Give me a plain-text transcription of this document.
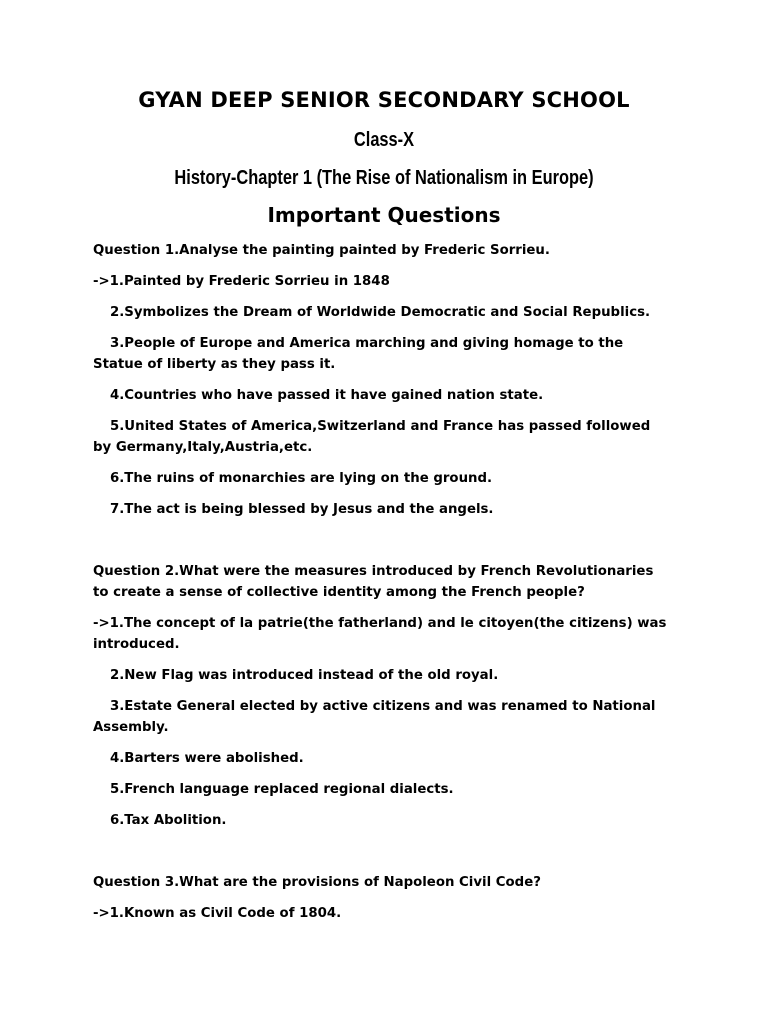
GYAN DEEP SENIOR SECONDARY SCHOOL
Class-X
History-Chapter 1 (The Rise of Nationalism in Europe)
Important Questions

Question 1.Analyse the painting painted by Frederic Sorrieu.

->1.Painted by Frederic Sorrieu in 1848

2.Symbolizes the Dream of Worldwide Democratic and Social Republics.

3.People of Europe and America marching and giving homage to the Statue of liberty as they pass it.

4.Countries who have passed it have gained nation state.

5.United States of America,Switzerland and France has passed followed by Germany,Italy,Austria,etc.

6.The ruins of monarchies are lying on the ground.

7.The act is being blessed by Jesus and the angels.

Question 2.What were the measures introduced by French Revolutionaries to create a sense of collective identity among the French people?

->1.The concept of la patrie(the fatherland) and le citoyen(the citizens) was introduced.

2.New Flag was introduced instead of the old royal.

3.Estate General elected by active citizens and was renamed to National Assembly.

4.Barters were abolished.

5.French language replaced regional dialects.

6.Tax Abolition.

Question 3.What are the provisions of Napoleon Civil Code?

->1.Known as Civil Code of 1804.
